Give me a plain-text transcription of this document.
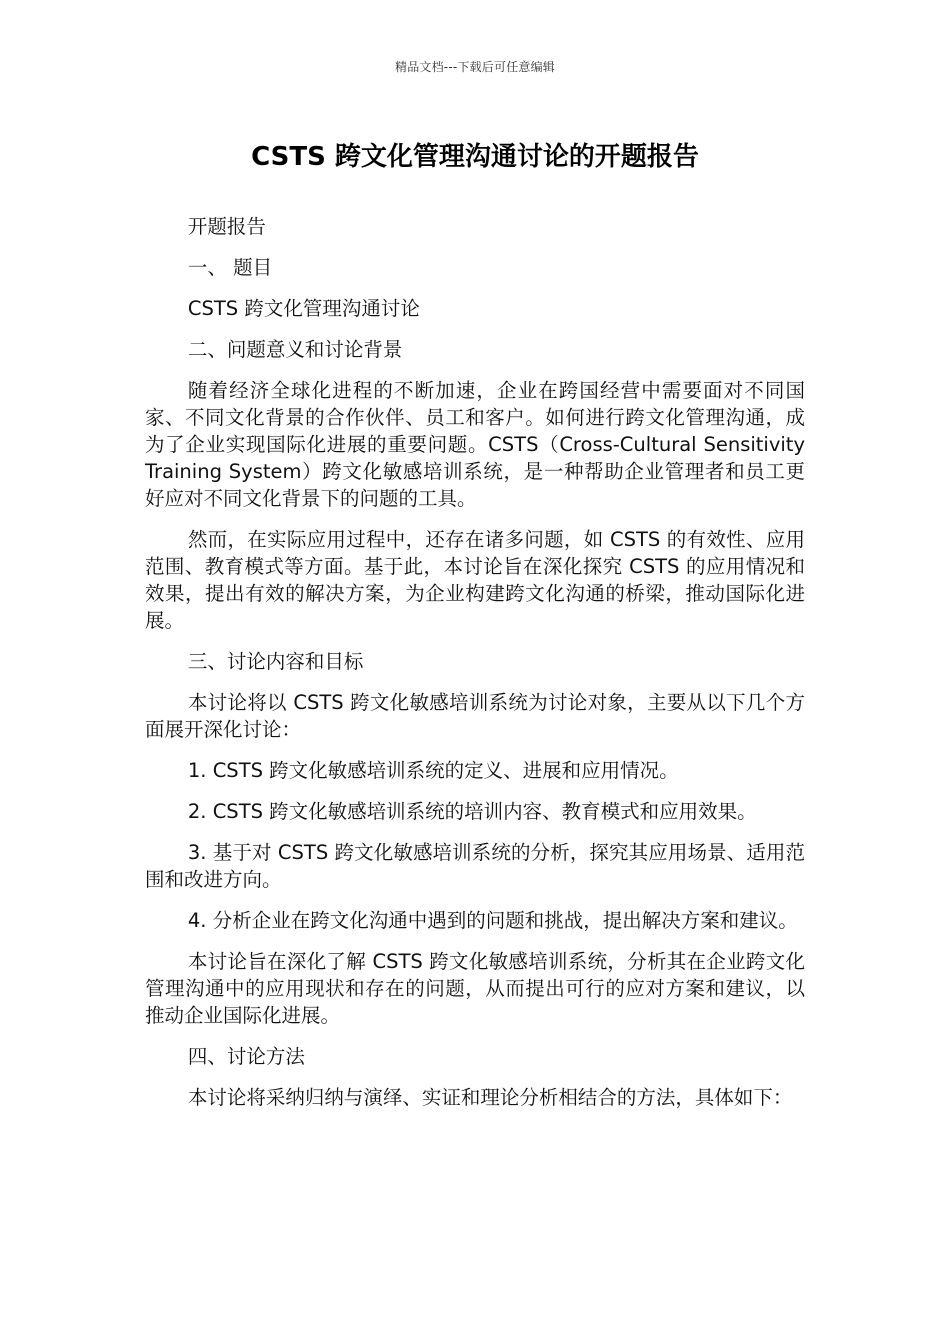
精品文档---下载后可任意编辑
CSTS 跨文化管理沟通讨论的开题报告

开题报告

一、 题目

CSTS 跨文化管理沟通讨论

二、问题意义和讨论背景

随着经济全球化进程的不断加速，企业在跨国经营中需要面对不同国家、不同文化背景的合作伙伴、员工和客户。如何进行跨文化管理沟通，成为了企业实现国际化进展的重要问题。CSTS（Cross-Cultural Sensitivity Training System）跨文化敏感培训系统，是一种帮助企业管理者和员工更好应对不同文化背景下的问题的工具。

然而，在实际应用过程中，还存在诸多问题，如 CSTS 的有效性、应用范围、教育模式等方面。基于此，本讨论旨在深化探究 CSTS 的应用情况和效果，提出有效的解决方案，为企业构建跨文化沟通的桥梁，推动国际化进展。

三、讨论内容和目标

本讨论将以 CSTS 跨文化敏感培训系统为讨论对象，主要从以下几个方面展开深化讨论：

1. CSTS 跨文化敏感培训系统的定义、进展和应用情况。

2. CSTS 跨文化敏感培训系统的培训内容、教育模式和应用效果。

3. 基于对 CSTS 跨文化敏感培训系统的分析，探究其应用场景、适用范围和改进方向。

4. 分析企业在跨文化沟通中遇到的问题和挑战，提出解决方案和建议。

本讨论旨在深化了解 CSTS 跨文化敏感培训系统，分析其在企业跨文化管理沟通中的应用现状和存在的问题，从而提出可行的应对方案和建议，以推动企业国际化进展。

四、讨论方法

本讨论将采纳归纳与演绎、实证和理论分析相结合的方法，具体如下：
